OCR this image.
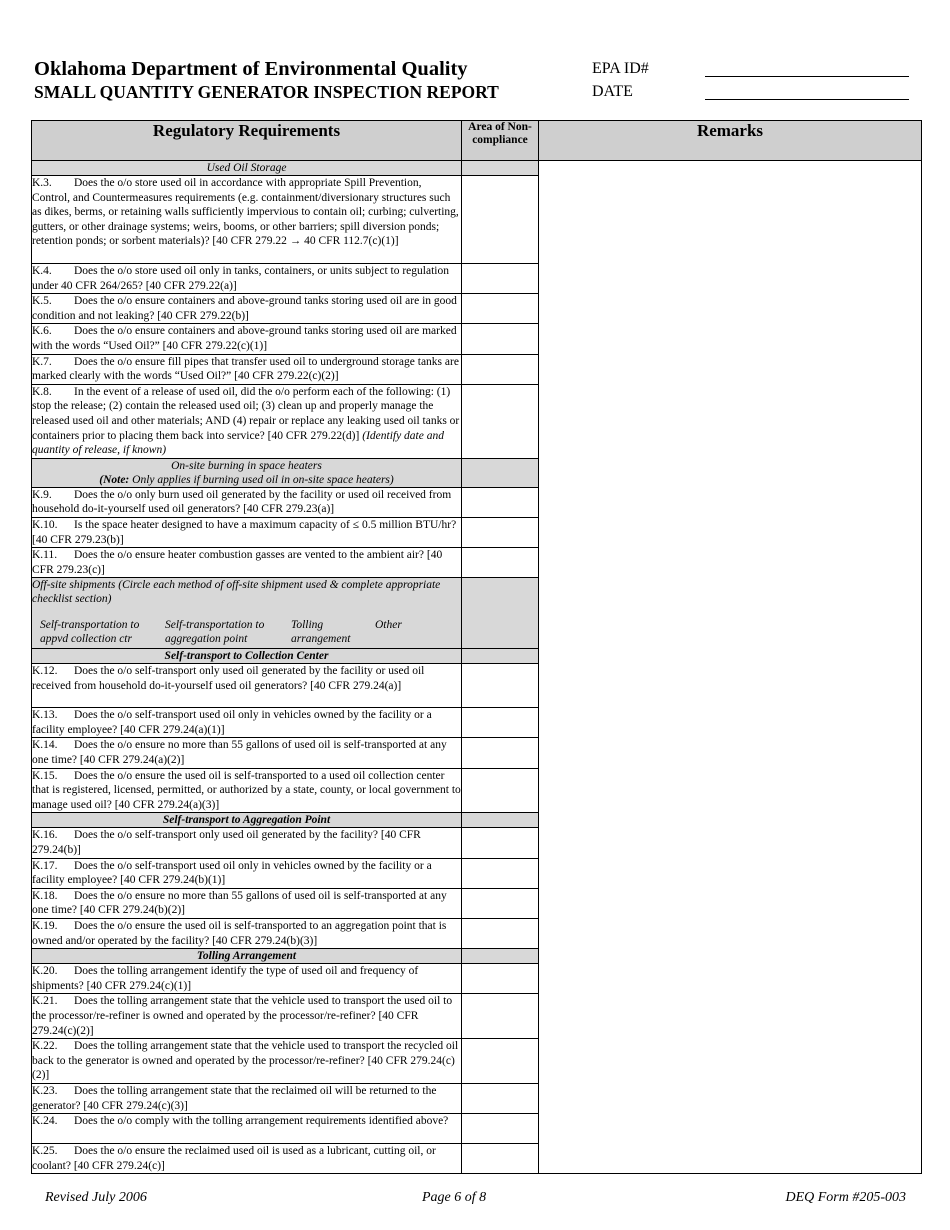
Oklahoma Department of Environmental Quality
SMALL QUANTITY GENERATOR INSPECTION REPORT
EPA ID#
DATE
Regulatory Requirements	Area of Non-compliance	Remarks
Used Oil Storage		
K.3. Does the o/o store used oil in accordance with appropriate Spill Prevention, Control, and Countermeasures requirements (e.g. containment/diversionary structures such as dikes, berms, or retaining walls sufficiently impervious to contain oil; curbing; culverting, gutters, or other drainage systems; weirs, booms, or other barriers; spill diversion ponds; retention ponds; or sorbent materials)? [40 CFR 279.22 → 40 CFR 112.7(c)(1)]		
K.4. Does the o/o store used oil only in tanks, containers, or units subject to regulation under 40 CFR 264/265? [40 CFR 279.22(a)]		
K.5. Does the o/o ensure containers and above-ground tanks storing used oil are in good condition and not leaking? [40 CFR 279.22(b)]		
K.6. Does the o/o ensure containers and above-ground tanks storing used oil are marked with the words “Used Oil?” [40 CFR 279.22(c)(1)]		
K.7. Does the o/o ensure fill pipes that transfer used oil to underground storage tanks are marked clearly with the words “Used Oil?” [40 CFR 279.22(c)(2)]		
K.8. In the event of a release of used oil, did the o/o perform each of the following: (1) stop the release; (2) contain the released used oil; (3) clean up and properly manage the released used oil and other materials; AND (4) repair or replace any leaking used oil tanks or containers prior to placing them back into service? [40 CFR 279.22(d)] (Identify date and quantity of release, if known)		

On-site burning in space heaters
(Note: Only applies if burning used oil in on-site space heaters)		

K.9. Does the o/o only burn used oil generated by the facility or used oil received from household do-it-yourself used oil generators? [40 CFR 279.23(a)]		
K.10. Is the space heater designed to have a maximum capacity of ≤ 0.5 million BTU/hr? [40 CFR 279.23(b)]		
K.11. Does the o/o ensure heater combustion gasses are vented to the ambient air? [40 CFR 279.23(c)]		

Off-site shipments (Circle each method of off-site shipment used & complete appropriate checklist section)
Self-transportation to appvd collection ctr
Self-transportation to aggregation point
Tolling arrangement
Other		

Self-transport to Collection Center		
K.12. Does the o/o self-transport only used oil generated by the facility or used oil received from household do-it-yourself used oil generators? [40 CFR 279.24(a)]		
K.13. Does the o/o self-transport used oil only in vehicles owned by the facility or a facility employee? [40 CFR 279.24(a)(1)]		
K.14. Does the o/o ensure no more than 55 gallons of used oil is self-transported at any one time? [40 CFR 279.24(a)(2)]		
K.15. Does the o/o ensure the used oil is self-transported to a used oil collection center that is registered, licensed, permitted, or authorized by a state, county, or local government to manage used oil? [40 CFR 279.24(a)(3)]		
Self-transport to Aggregation Point		
K.16. Does the o/o self-transport only used oil generated by the facility? [40 CFR 279.24(b)]		
K.17. Does the o/o self-transport used oil only in vehicles owned by the facility or a facility employee? [40 CFR 279.24(b)(1)]		
K.18. Does the o/o ensure no more than 55 gallons of used oil is self-transported at any one time? [40 CFR 279.24(b)(2)]		
K.19. Does the o/o ensure the used oil is self-transported to an aggregation point that is owned and/or operated by the facility? [40 CFR 279.24(b)(3)]		
Tolling Arrangement		
K.20. Does the tolling arrangement identify the type of used oil and frequency of shipments? [40 CFR 279.24(c)(1)]		
K.21. Does the tolling arrangement state that the vehicle used to transport the used oil to the processor/re-refiner is owned and operated by the processor/re-refiner? [40 CFR 279.24(c)(2)]		
K.22. Does the tolling arrangement state that the vehicle used to transport the recycled oil back to the generator is owned and operated by the processor/re-refiner? [40 CFR 279.24(c)(2)]		
K.23. Does the tolling arrangement state that the reclaimed oil will be returned to the generator? [40 CFR 279.24(c)(3)]		
K.24. Does the o/o comply with the tolling arrangement requirements identified above?		
K.25. Does the o/o ensure the reclaimed used oil is used as a lubricant, cutting oil, or coolant? [40 CFR 279.24(c)]		
Revised July 2006	Page 6 of 8	DEQ Form #205-003
